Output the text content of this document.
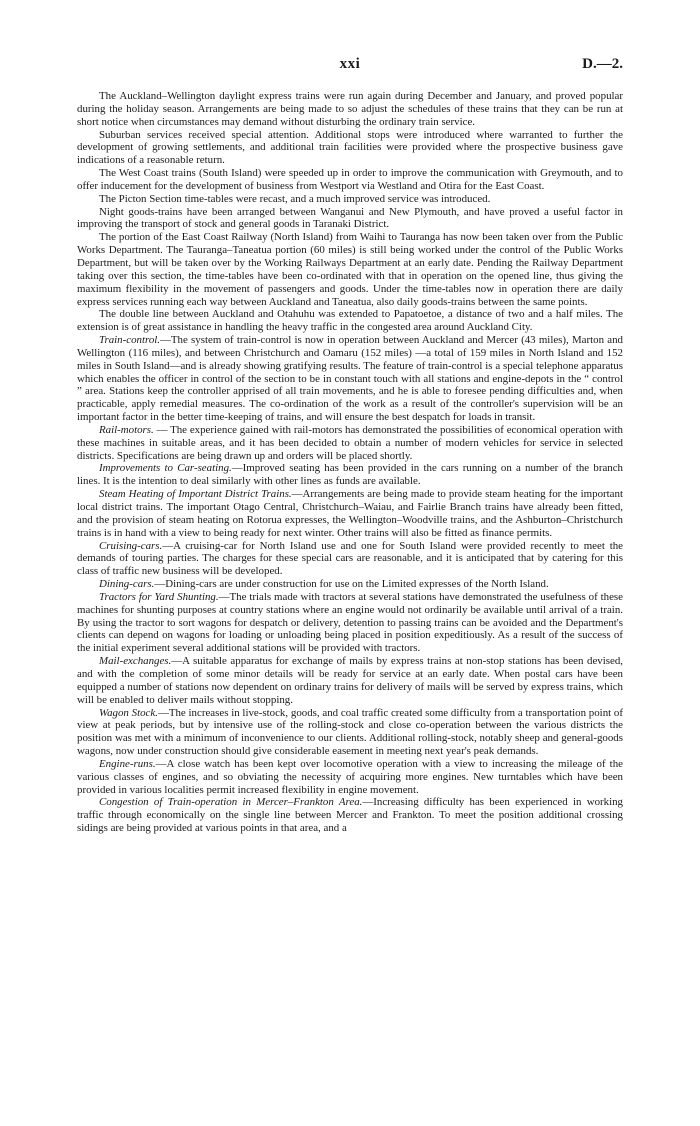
xxi	D.—2.

The Auckland–Wellington daylight express trains were run again during December and January, and proved popular during the holiday season. Arrangements are being made to so adjust the schedules of these trains that they can be run at short notice when circumstances may demand without disturbing the ordinary train service.

Suburban services received special attention. Additional stops were introduced where warranted to further the development of growing settlements, and additional train facilities were provided where the prospective business gave indications of a reasonable return.

The West Coast trains (South Island) were speeded up in order to improve the communication with Greymouth, and to offer inducement for the development of business from Westport via Westland and Otira for the East Coast.

The Picton Section time-tables were recast, and a much improved service was introduced.

Night goods-trains have been arranged between Wanganui and New Plymouth, and have proved a useful factor in improving the transport of stock and general goods in Taranaki District.

The portion of the East Coast Railway (North Island) from Waihi to Tauranga has now been taken over from the Public Works Department. The Tauranga–Taneatua portion (60 miles) is still being worked under the control of the Public Works Department, but will be taken over by the Working Railways Department at an early date. Pending the Railway Department taking over this section, the time-tables have been co-ordinated with that in operation on the opened line, thus giving the maximum flexibility in the movement of passengers and goods. Under the time-tables now in operation there are daily express services running each way between Auckland and Taneatua, also daily goods-trains between the same points.

The double line between Auckland and Otahuhu was extended to Papatoetoe, a distance of two and a half miles. The extension is of great assistance in handling the heavy traffic in the congested area around Auckland City.

Train-control.—The system of train-control is now in operation between Auckland and Mercer (43 miles), Marton and Wellington (116 miles), and between Christchurch and Oamaru (152 miles) —a total of 159 miles in North Island and 152 miles in South Island—and is already showing gratifying results. The feature of train-control is a special telephone apparatus which enables the officer in control of the section to be in constant touch with all stations and engine-depots in the “ control ” area. Stations keep the controller apprised of all train movements, and he is able to foresee pending difficulties and, when practicable, apply remedial measures. The co-ordination of the work as a result of the controller's supervision will be an important factor in the better time-keeping of trains, and will ensure the best despatch for loads in transit.

Rail-motors. — The experience gained with rail-motors has demonstrated the possibilities of economical operation with these machines in suitable areas, and it has been decided to obtain a number of modern vehicles for service in selected districts. Specifications are being drawn up and orders will be placed shortly.

Improvements to Car-seating.—Improved seating has been provided in the cars running on a number of the branch lines. It is the intention to deal similarly with other lines as funds are available.

Steam Heating of Important District Trains.—Arrangements are being made to provide steam heating for the important local district trains. The important Otago Central, Christchurch–Waiau, and Fairlie Branch trains have already been fitted, and the provision of steam heating on Rotorua expresses, the Wellington–Woodville trains, and the Ashburton–Christchurch trains is in hand with a view to being ready for next winter. Other trains will also be fitted as finance permits.

Cruising-cars.—A cruising-car for North Island use and one for South Island were provided recently to meet the demands of touring parties. The charges for these special cars are reasonable, and it is anticipated that by catering for this class of traffic new business will be developed.

Dining-cars.—Dining-cars are under construction for use on the Limited expresses of the North Island.

Tractors for Yard Shunting.—The trials made with tractors at several stations have demonstrated the usefulness of these machines for shunting purposes at country stations where an engine would not ordinarily be available until arrival of a train. By using the tractor to sort wagons for despatch or delivery, detention to passing trains can be avoided and the Department's clients can depend on wagons for loading or unloading being placed in position expeditiously. As a result of the success of the initial experiment several additional stations will be provided with tractors.

Mail-exchanges.—A suitable apparatus for exchange of mails by express trains at non-stop stations has been devised, and with the completion of some minor details will be ready for service at an early date. When postal cars have been equipped a number of stations now dependent on ordinary trains for delivery of mails will be served by express trains, which will be enabled to deliver mails without stopping.

Wagon Stock.—The increases in live-stock, goods, and coal traffic created some difficulty from a transportation point of view at peak periods, but by intensive use of the rolling-stock and close co-operation between the various districts the position was met with a minimum of inconvenience to our clients. Additional rolling-stock, notably sheep and general-goods wagons, now under construction should give considerable easement in meeting next year's peak demands.

Engine-runs.—A close watch has been kept over locomotive operation with a view to increasing the mileage of the various classes of engines, and so obviating the necessity of acquiring more engines. New turntables which have been provided in various localities permit increased flexibility in engine movement.

Congestion of Train-operation in Mercer–Frankton Area.—Increasing difficulty has been experienced in working traffic through economically on the single line between Mercer and Frankton. To meet the position additional crossing sidings are being provided at various points in that area, and a
